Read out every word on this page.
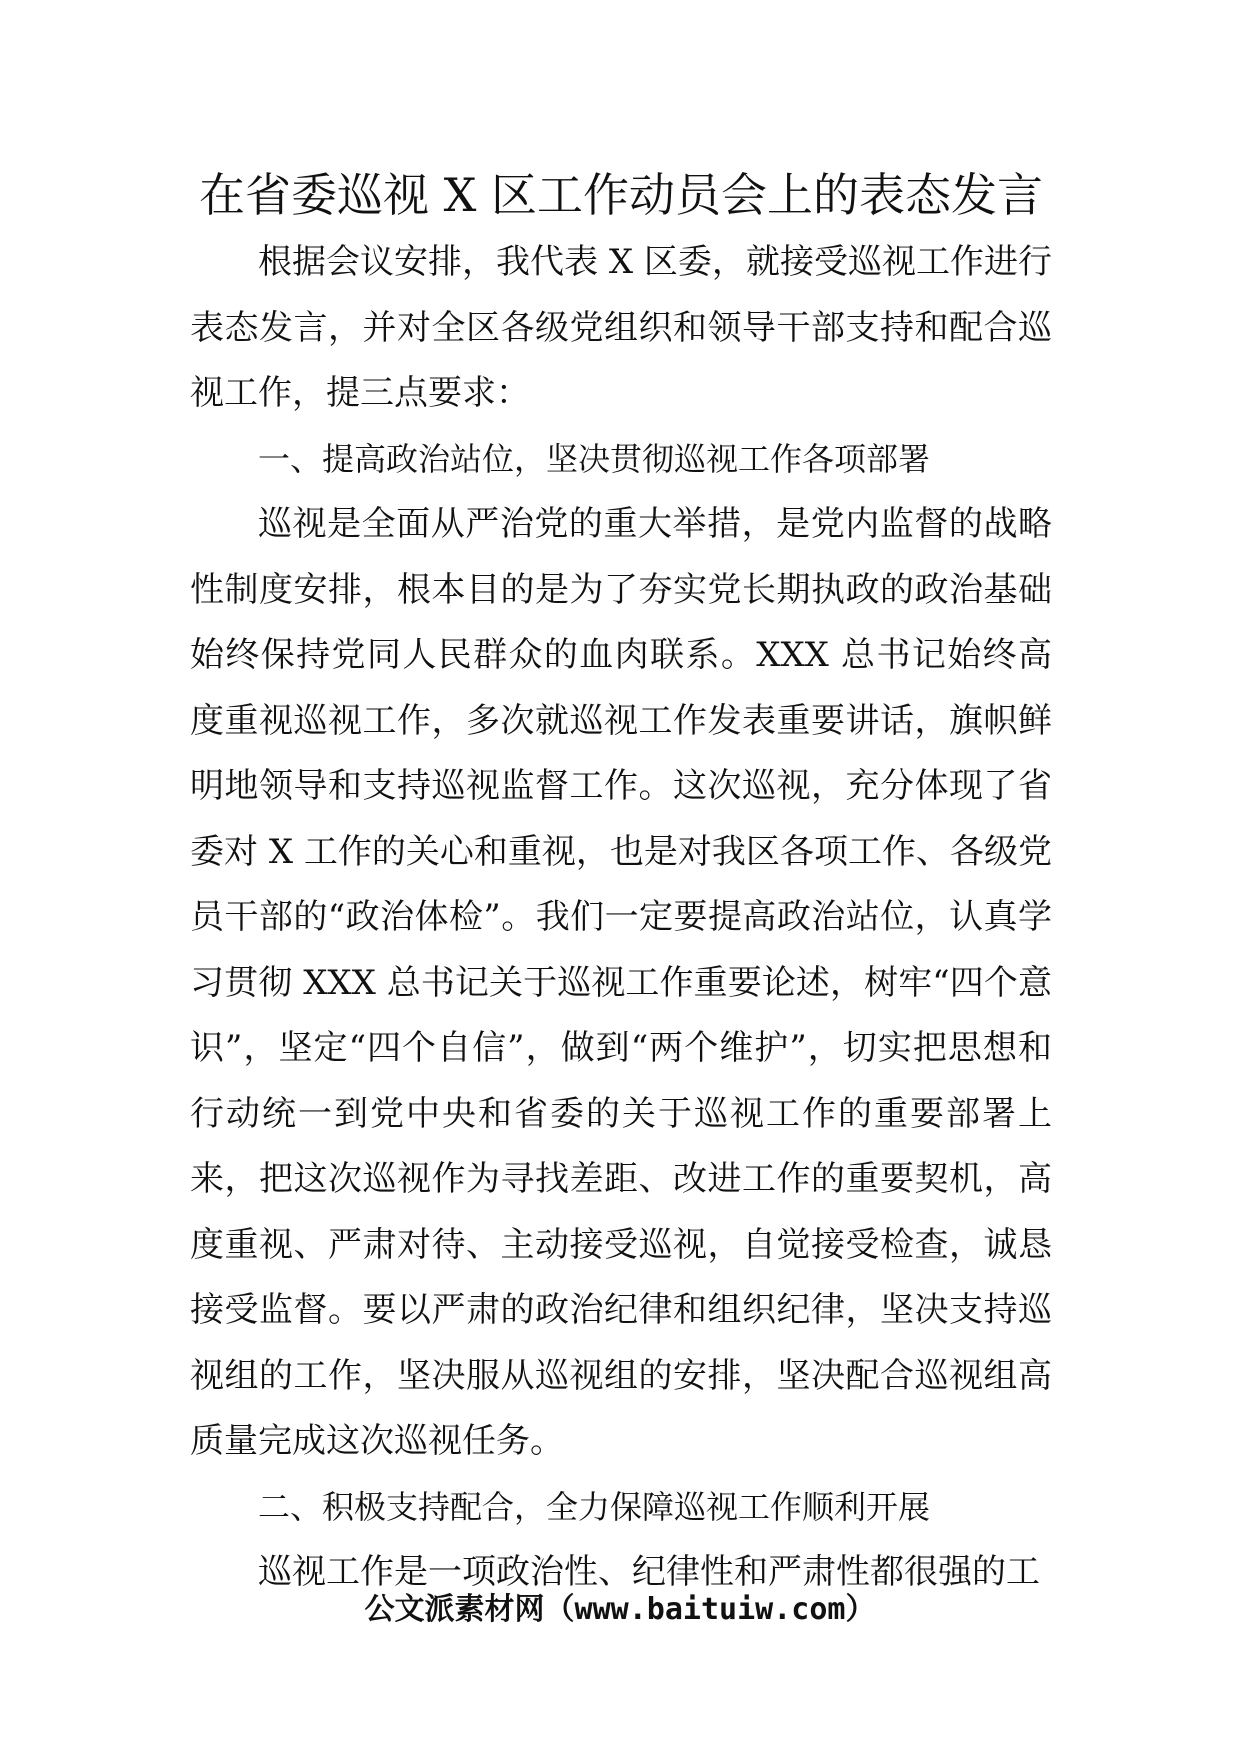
在省委巡视 X 区工作动员会上的表态发言

根据会议安排，我代表 X 区委，就接受巡视工作进行表态发言，并对全区各级党组织和领导干部支持和配合巡视工作，提三点要求：

一、提高政治站位，坚决贯彻巡视工作各项部署

巡视是全面从严治党的重大举措，是党内监督的战略性制度安排，根本目的是为了夯实党长期执政的政治基础始终保持党同人民群众的血肉联系。XXX 总书记始终高度重视巡视工作，多次就巡视工作发表重要讲话，旗帜鲜明地领导和支持巡视监督工作。这次巡视，充分体现了省委对 X 工作的关心和重视，也是对我区各项工作、各级党员干部的“政治体检”。我们一定要提高政治站位，认真学习贯彻 XXX 总书记关于巡视工作重要论述，树牢“四个意识”，坚定“四个自信”，做到“两个维护”，切实把思想和行动统一到党中央和省委的关于巡视工作的重要部署上来，把这次巡视作为寻找差距、改进工作的重要契机，高度重视、严肃对待、主动接受巡视，自觉接受检查，诚恳接受监督。要以严肃的政治纪律和组织纪律，坚决支持巡视组的工作，坚决服从巡视组的安排，坚决配合巡视组高质量完成这次巡视任务。

二、积极支持配合，全力保障巡视工作顺利开展

巡视工作是一项政治性、纪律性和严肃性都很强的工

公文派素材网（www.baituiw.com）
